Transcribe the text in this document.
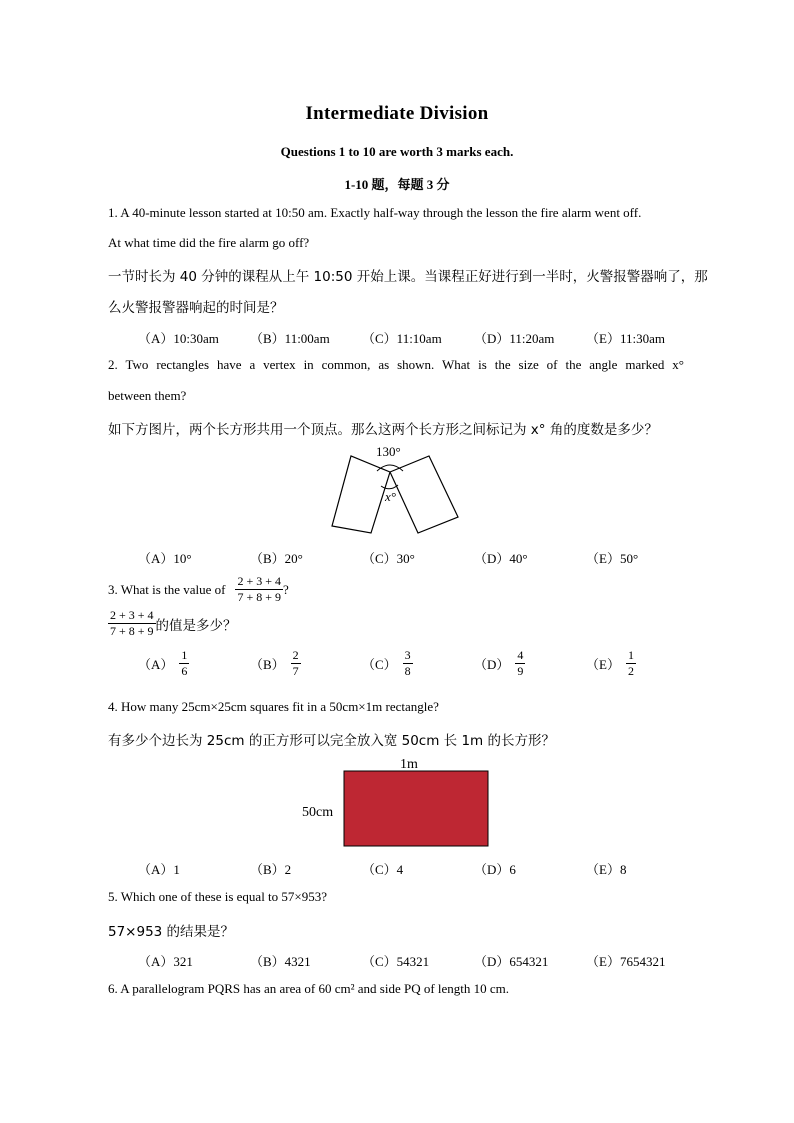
Intermediate Division
Questions 1 to 10 are worth 3 marks each.
1-10 题，每题 3 分
1. A 40-minute lesson started at 10:50 am. Exactly half-way through the lesson the fire alarm went off.
At what time did the fire alarm go off?
一节时长为 40 分钟的课程从上午 10:50 开始上课。当课程正好进行到一半时，火警报警器响了，那
么火警报警器响起的时间是？
（A）10:30am （B）11:00am （C）11:10am （D）11:20am （E）11:30am
2. Two rectangles have a vertex in common, as shown. What is the size of the angle marked x°
between them?
如下方图片，两个长方形共用一个顶点。那么这两个长方形之间标记为 x° 角的度数是多少？
130°
x°
（A）10°	（B）20°	（C）30°	（D）40°	（E）50°
3. What is the value of $\frac{2 + 3 + 4}{7 + 8 + 9}$ ?
$\frac{2 + 3 + 4}{7 + 8 + 9}$ 的值是多少？
$(A) \frac{1}{6}$	$(B) \frac{2}{7}$	$(C) \frac{3}{8}$	$(D) \frac{4}{9}$	$(E) \frac{1}{2}$
4. How many 25cm×25cm squares fit in a 50cm×1m rectangle?
有多少个边长为 25cm 的正方形可以完全放入宽 50cm 长 1m 的长方形？
1m
50cm
（A）1	（B）2	（C）4	（D）6	（E）8
5. Which one of these is equal to 57×953?
57×953 的结果是？
（A）321	（B）4321	（C）54321	（D）654321	（E）7654321
6. A parallelogram PQRS has an area of 60 cm² and side PQ of length 10 cm.
